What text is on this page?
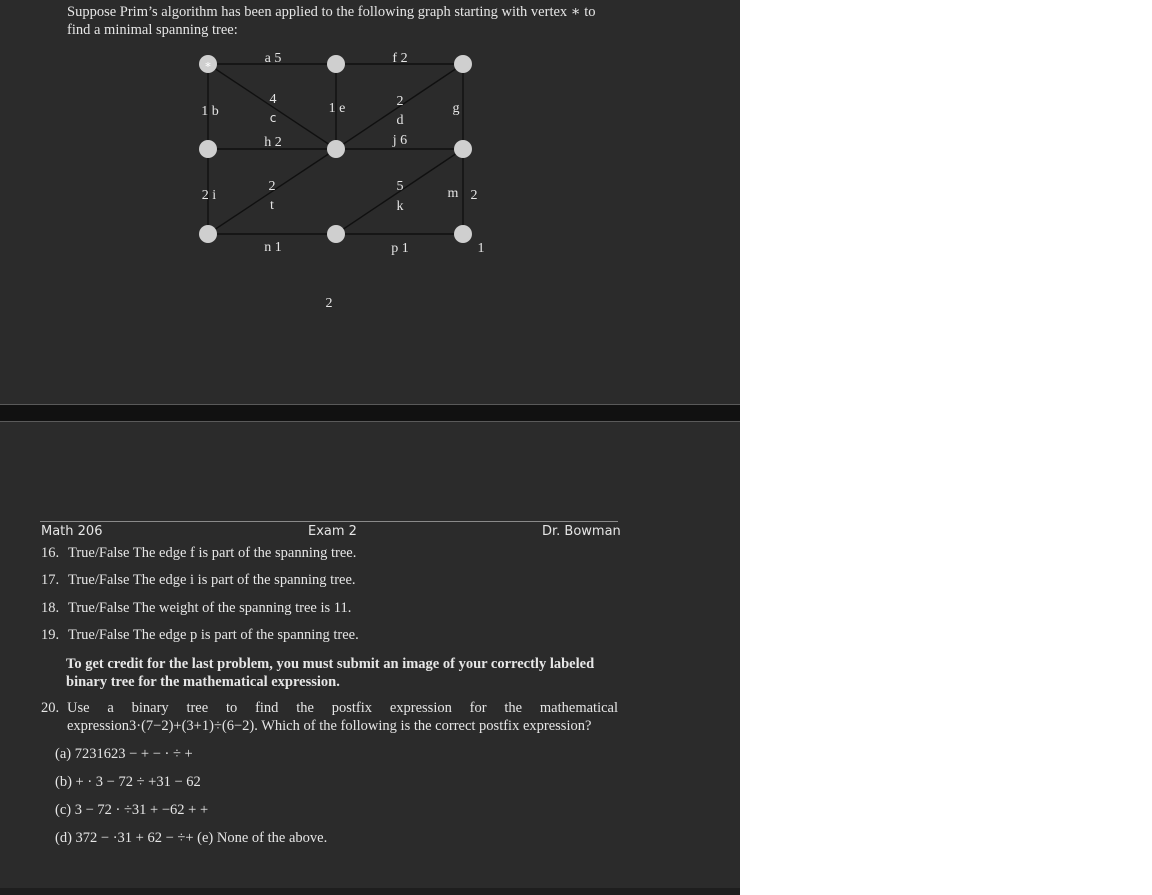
Suppose Prim’s algorithm has been applied to the following graph starting with vertex ∗ to
find a minimal spanning tree:
∗	a 5	f 2
1 b
4
c
1 e	2
d
g
h 2	j 6
2 i
2
t
5
k
m 2
n 1	p 1	1
2
Math 206	Exam 2	Dr. Bowman
16. True/False The edge f is part of the spanning tree.
17. True/False The edge i is part of the spanning tree.
18. True/False The weight of the spanning tree is 11.
19. True/False The edge p is part of the spanning tree.
To get credit for the last problem, you must submit an image of your correctly labeled
binary tree for the mathematical expression.
20. Use a binary tree to find the postfix expression for the mathematical
expression3·(7−2)+(3+1)÷(6−2). Which of the following is the correct postfix expression?
(a) 7231623 − + − · ÷ +
(b) + · 3 − 72 ÷ +31 − 62
(c) 3 − 72 · ÷31 + −62 + +
(d) 372 − ·31 + 62 − ÷+ (e) None of the above.
